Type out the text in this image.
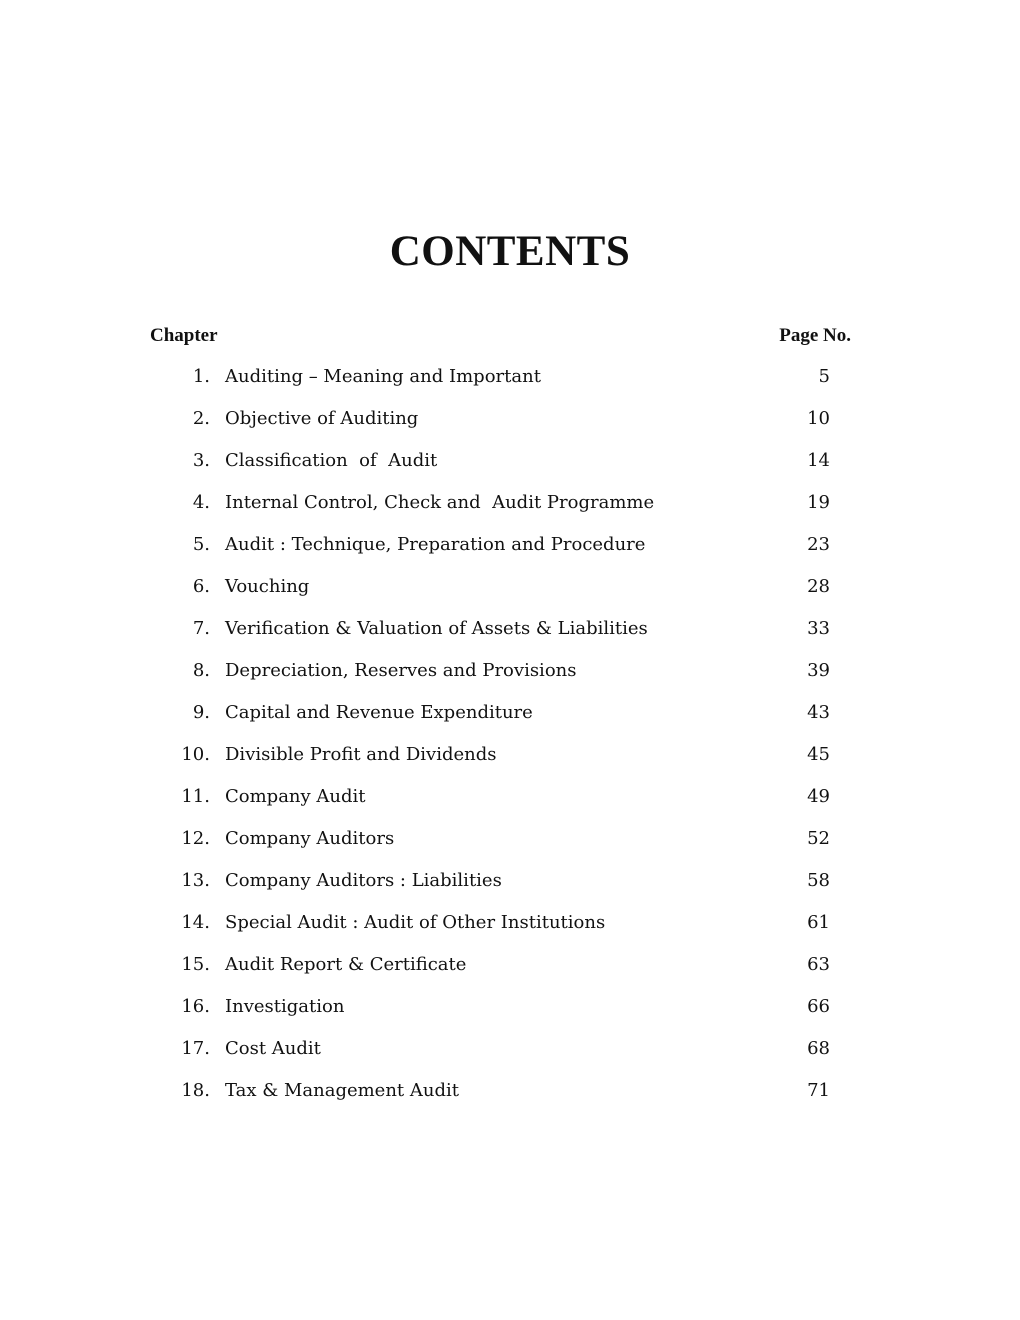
CONTENTS
Chapter	Page No.
1. Auditing – Meaning and Important	5
2. Objective of Auditing	10
3. Classification  of  Audit	14
4. Internal Control, Check and  Audit Programme	19
5. Audit : Technique, Preparation and Procedure	23
6. Vouching	28
7. Verification & Valuation of Assets & Liabilities	33
8. Depreciation, Reserves and Provisions	39
9. Capital and Revenue Expenditure	43
10. Divisible Profit and Dividends	45
11. Company Audit	49
12. Company Auditors	52
13. Company Auditors : Liabilities	58
14. Special Audit : Audit of Other Institutions	61
15. Audit Report & Certificate	63
16. Investigation	66
17. Cost Audit	68
18. Tax & Management Audit	71
